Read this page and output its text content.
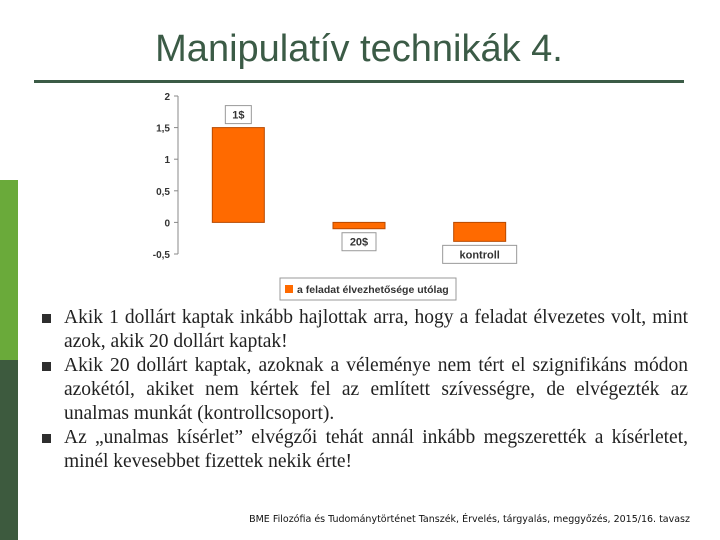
Manipulatív technikák 4.
2
1,5
1
0,5
0
-0,5
1$
20$
kontroll
a feladat élvezhetősége utólag
Akik 1 dollárt kaptak inkább hajlottak arra, hogy a feladat élvezetes volt, mint azok, akik 20 dollárt kaptak!
Akik 20 dollárt kaptak, azoknak a véleménye nem tért el szignifikáns módon azokétól, akiket nem kértek fel az említett szívességre, de elvégezték az unalmas munkát (kontrollcsoport).
Az „unalmas kísérlet” elvégzői tehát annál inkább megszerették a kísérletet, minél kevesebbet fizettek nekik érte!
BME Filozófia és Tudománytörténet Tanszék, Érvelés, tárgyalás, meggyőzés, 2015/16. tavasz
